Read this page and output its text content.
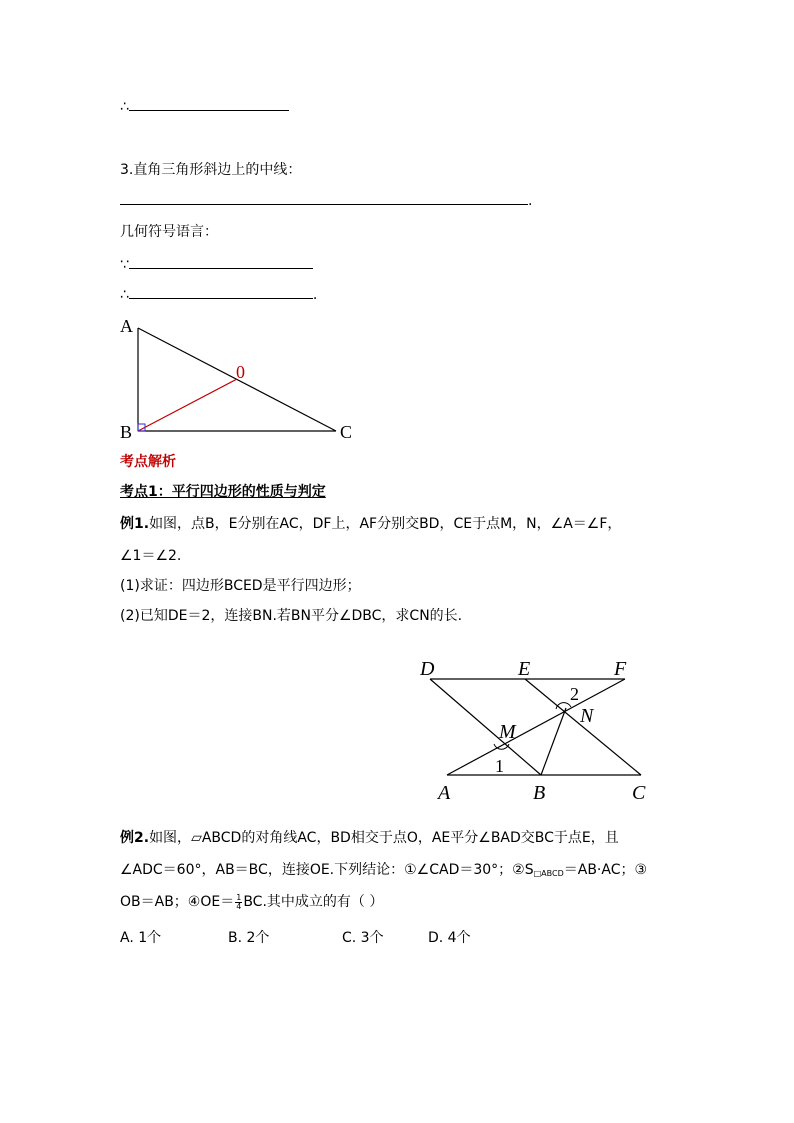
∴
3.直角三角形斜边上的中线：
.
几何符号语言：
∵
∴	.
A
B	C
0
考点解析
考点1：平行四边形的性质与判定
例1.如图，点B，E分别在AC，DF上，AF分别交BD，CE于点M，N，∠A＝∠F，
∠1＝∠2.
(1)求证：四边形BCED是平行四边形；
(2)已知DE＝2，连接BN.若BN平分∠DBC，求CN的长.
D	E	F
M
N
A	B	C
1
2
例2.如图，▱ABCD的对角线AC，BD相交于点O，AE平分∠BAD交BC于点E，且
∠ADC＝60°，AB＝BC，连接OE.下列结论：①∠CAD＝30°；$②S_{□ABCD}=AB\cdot AC$；③
OB＝AB；④OE＝ $\frac{1}{4}$ BC.其中成立的有（ ）
A. 1个	B. 2个	C. 3个	D. 4个
